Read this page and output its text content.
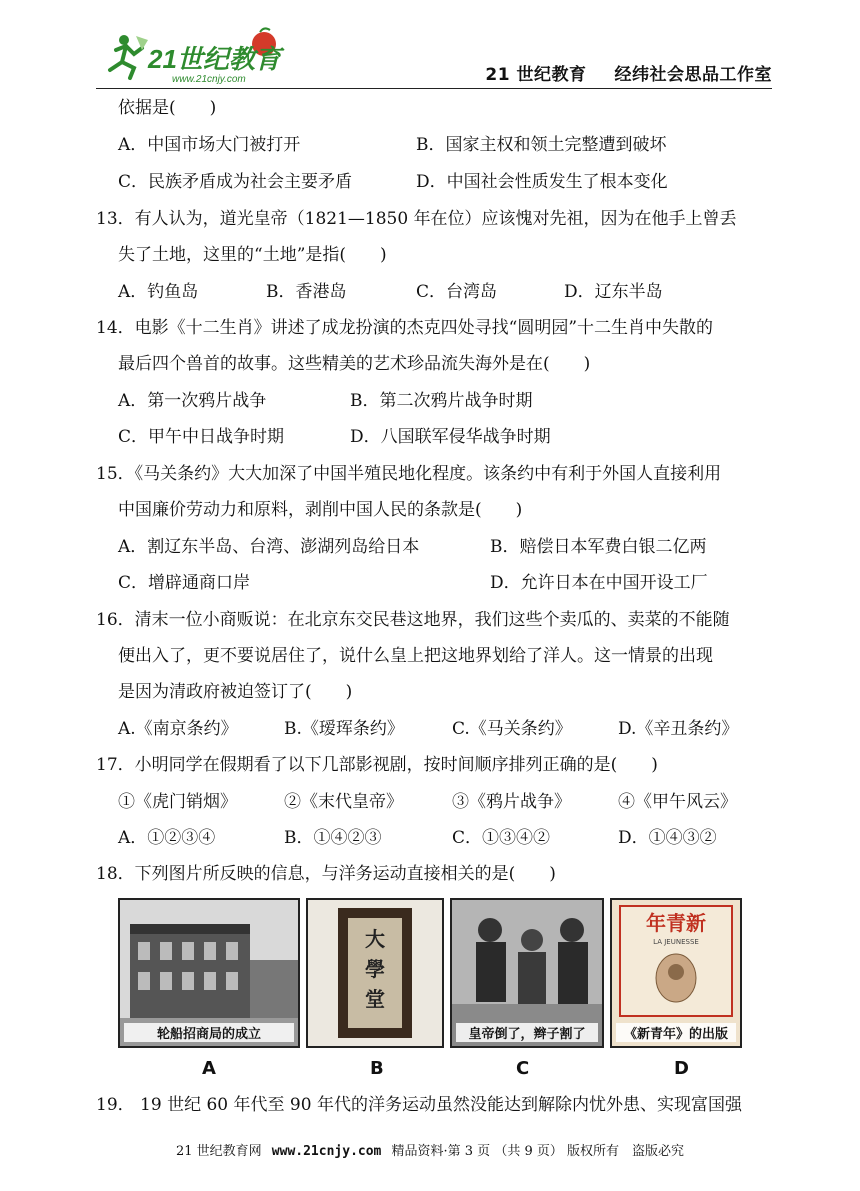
21世纪教育
www.21cnjy.com	21 世纪教育 经纬社会思品工作室
依据是(　　)
A．中国市场大门被打开	B．国家主权和领土完整遭到破坏
C．民族矛盾成为社会主要矛盾	D．中国社会性质发生了根本变化
13．有人认为，道光皇帝（1821—1850 年在位）应该愧对先祖，因为在他手上曾丢
失了土地，这里的“土地”是指(　　)
A．钓鱼岛	B．香港岛	C．台湾岛	D．辽东半岛
14．电影《十二生肖》讲述了成龙扮演的杰克四处寻找“圆明园”十二生肖中失散的
最后四个兽首的故事。这些精美的艺术珍品流失海外是在(　　)
A．第一次鸦片战争	B．第二次鸦片战争时期
C．甲午中日战争时期	D．八国联军侵华战争时期
15．《马关条约》大大加深了中国半殖民地化程度。该条约中有利于外国人直接利用
中国廉价劳动力和原料，剥削中国人民的条款是(　　)
A．割辽东半岛、台湾、澎湖列岛给日本	B．赔偿日本军费白银二亿两
C．增辟通商口岸	D．允许日本在中国开设工厂
16．清末一位小商贩说：在北京东交民巷这地界，我们这些个卖瓜的、卖菜的不能随
便出入了，更不要说居住了，说什么皇上把这地界划给了洋人。这一情景的出现
是因为清政府被迫签订了(　　)
A.《南京条约》	B.《瑷珲条约》	C.《马关条约》	D.《辛丑条约》
17．小明同学在假期看了以下几部影视剧，按时间顺序排列正确的是(　　)
①《虎门销烟》	②《末代皇帝》	③《鸦片战争》	④《甲午风云》
A．①②③④	B．①④②③	C．①③④②	D．①④③②
18．下列图片所反映的信息，与洋务运动直接相关的是(　　)
轮船招商局的成立
大
學
堂
皇帝倒了，辫子割了
年青新
LA JEUNESSE
《新青年》的出版
A	B	C	D
19． 19 世纪 60 年代至 90 年代的洋务运动虽然没能达到解除内忧外患、实现富国强
21 世纪教育网 www.21cnjy.com 精品资料·第 3 页 （共 9 页） 版权所有　盗版必究
